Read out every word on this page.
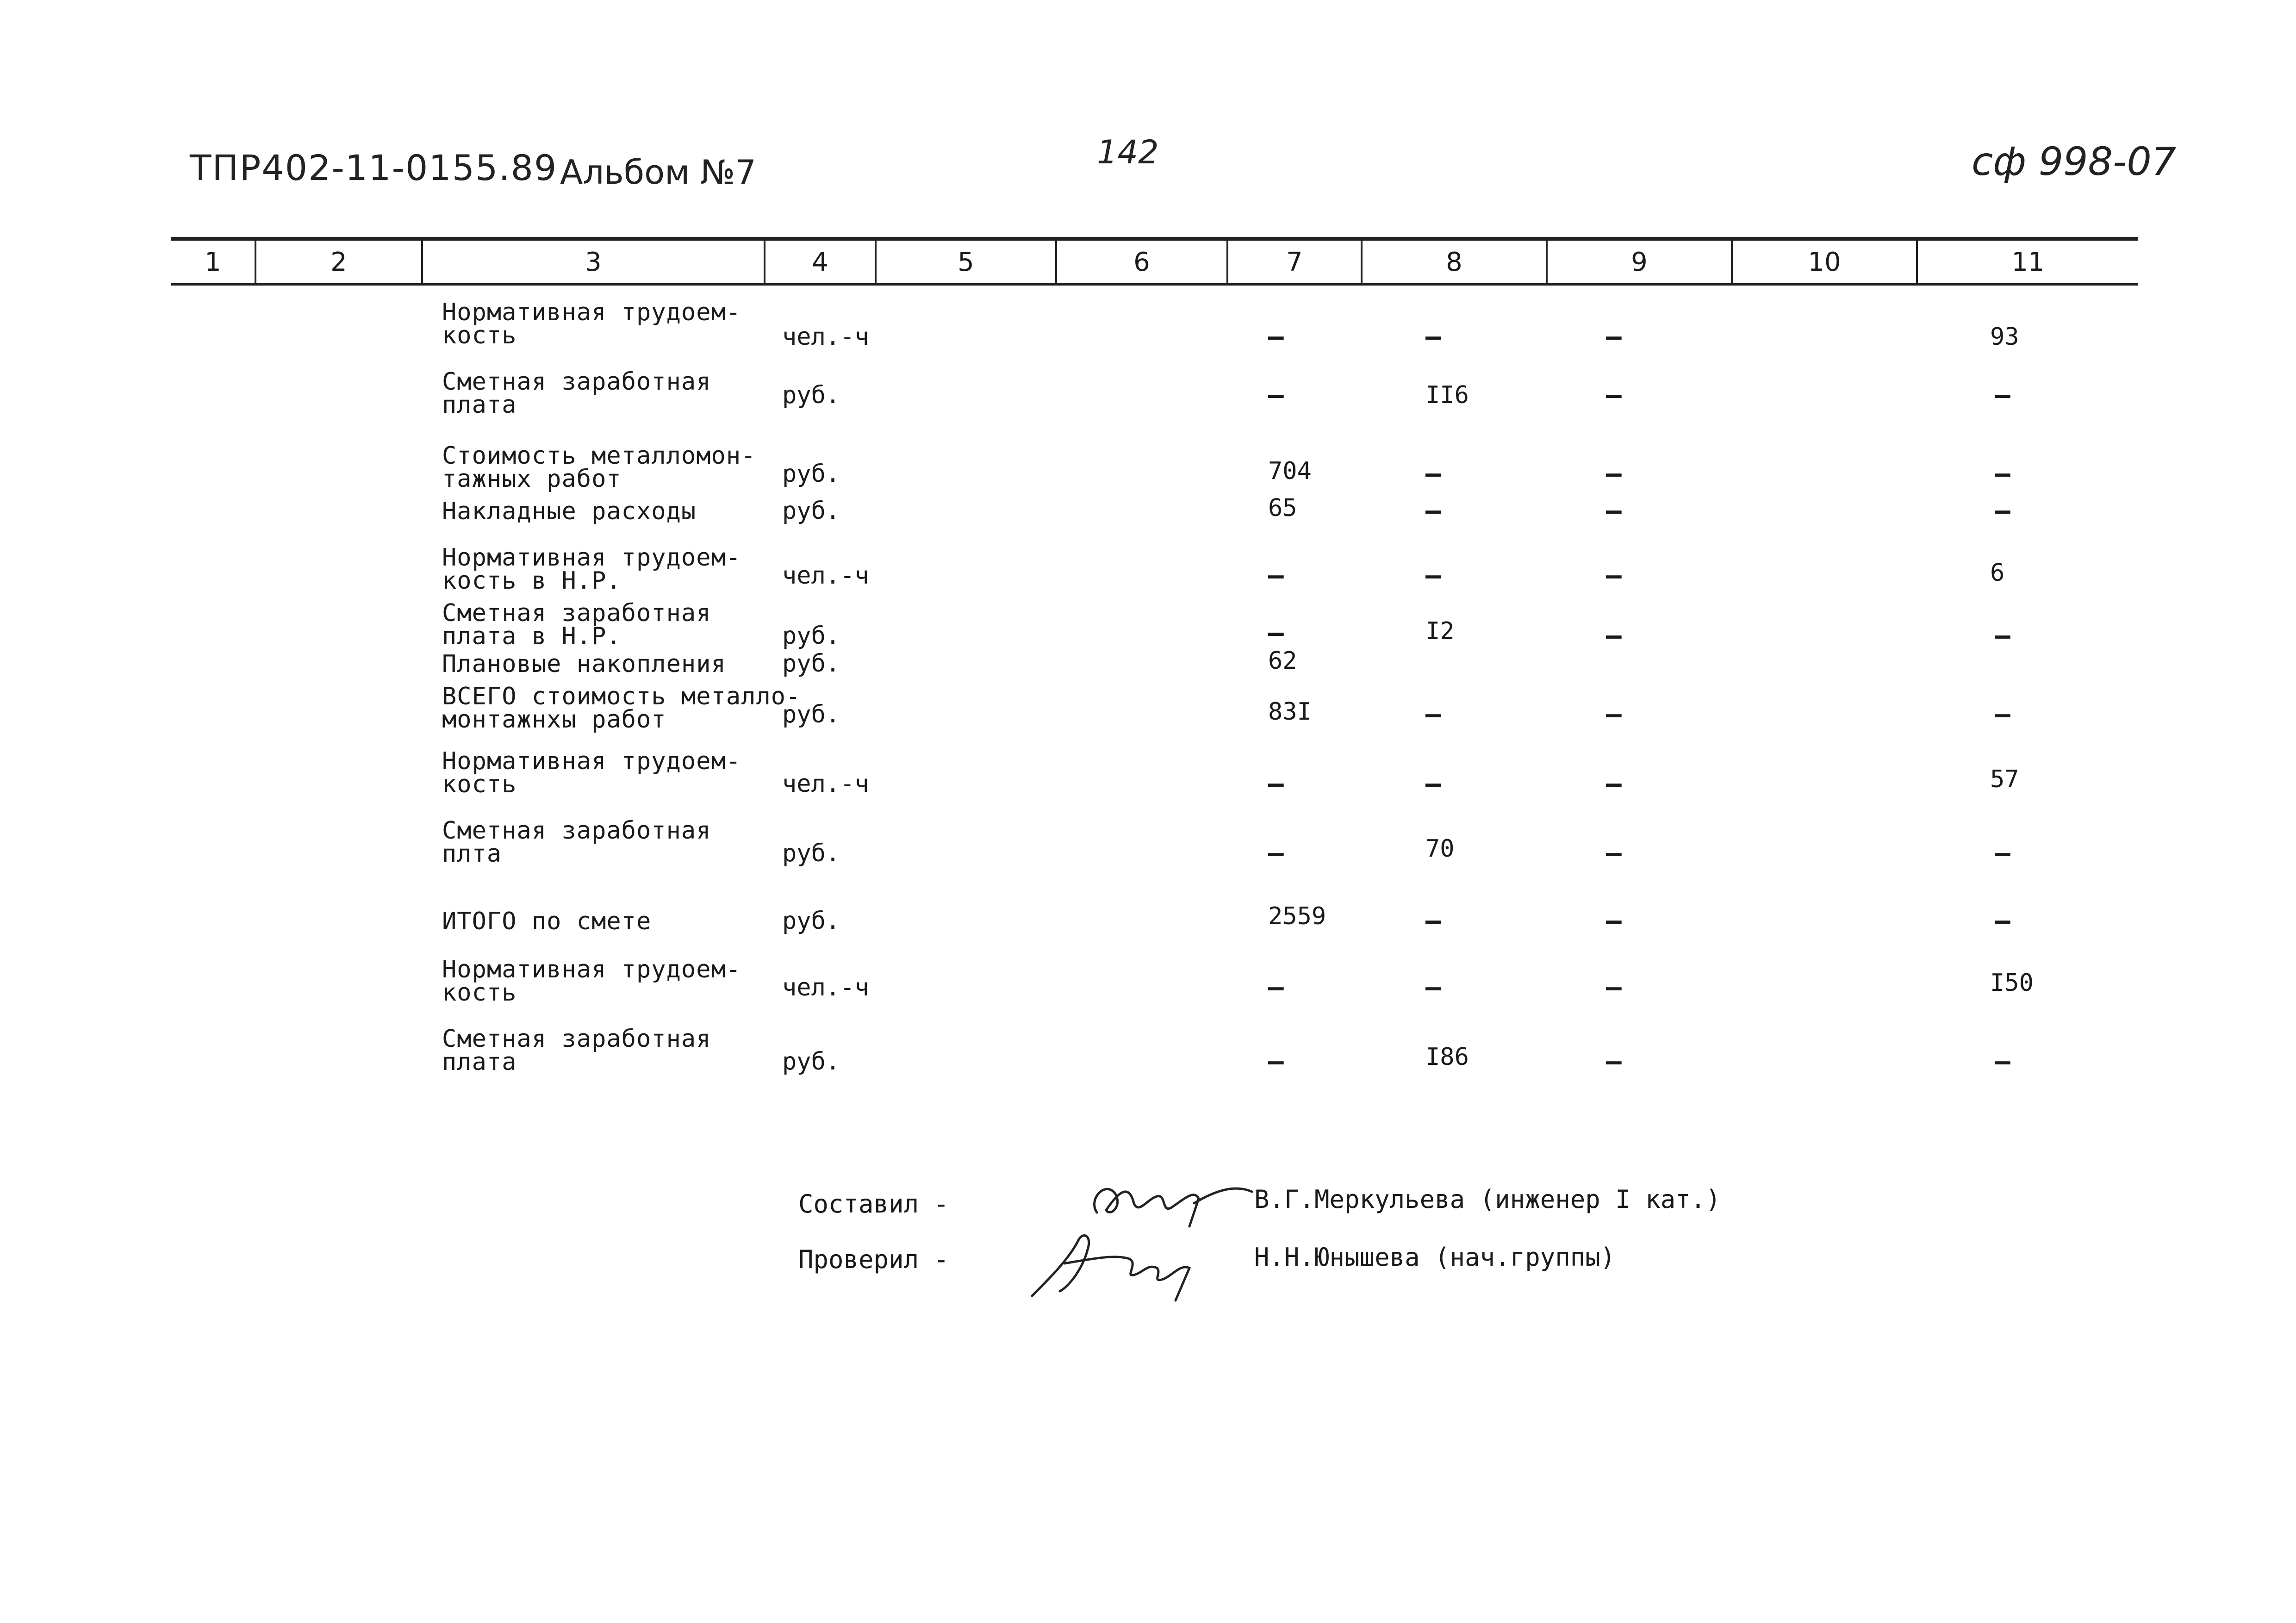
ТПР402-11-0155.89 Альбом №7
142	сф 998-07
1	2	3	4	5	6	7	8	9	10	11
Нормативная трудоем-
кость	чел.-ч	–	–	–	93
Сметная заработная
плата	руб.	–	II6	–	–
Стоимость металломон-
тажных работ	руб.	704	–	–	–
Накладные расходы	руб.	65	–	–	–
Нормативная трудоем-
кость в Н.Р.	чел.-ч	–	–	–	6
Сметная заработная
плата в Н.Р.	руб.	–	I2	–	–
Плановые накопления руб.	62
ВСЕГО стоимость металло-
монтажнхы работ	руб.	83I	–	–	–
Нормативная трудоем-
кость	чел.-ч	–	–	–	57
Сметная заработная
плта	руб.	–	70	–	–
ИТОГО по смете	руб.	2559	–	–	–
Нормативная трудоем-
кость	чел.-ч	–	–	–	I50
Сметная заработная
плата	руб.	–	I86	–	–
Составил -	В.Г.Меркульева (инженер I кат.)
Проверил -	Н.Н.Юнышева (нач.группы)
